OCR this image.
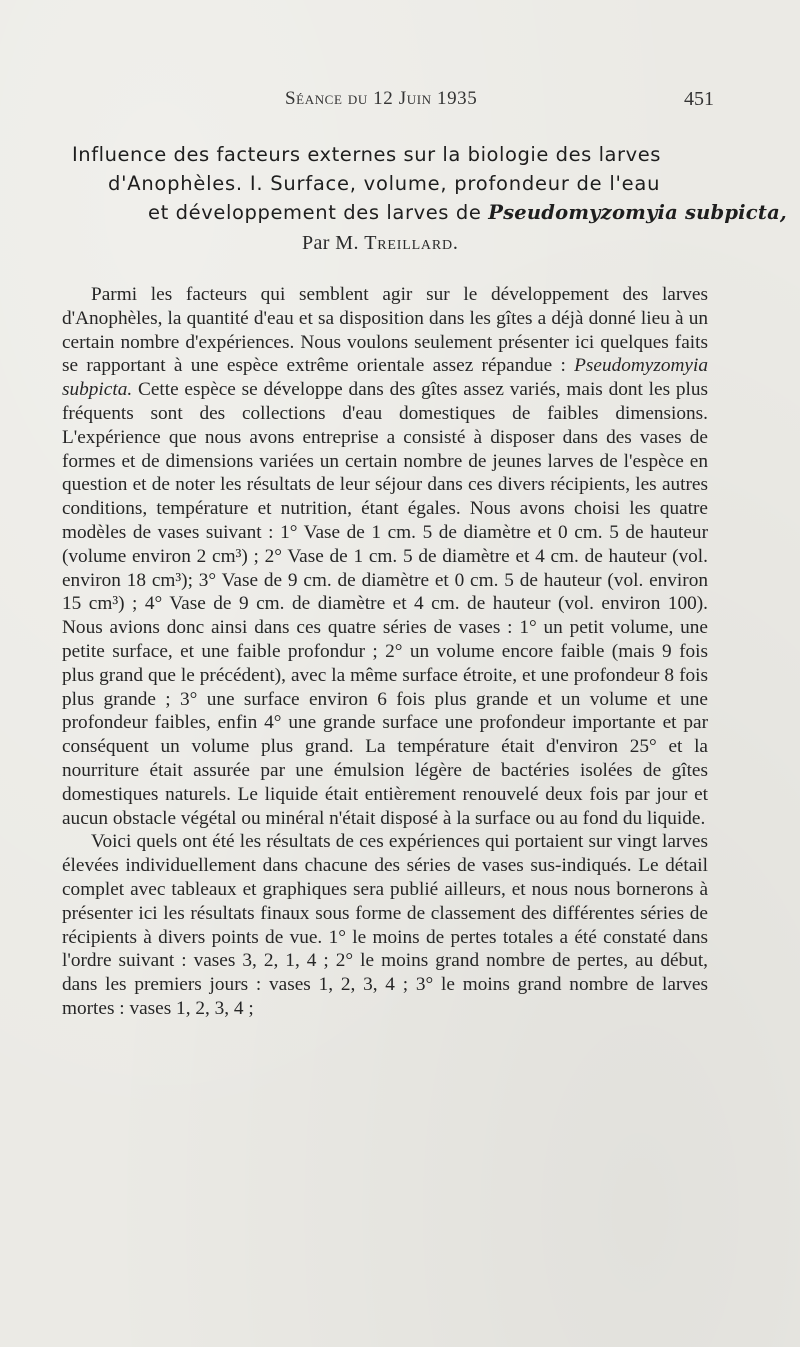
Séance du 12 Juin 1935	451
Influence des facteurs externes sur la biologie des larves
d'Anophèles. I. Surface, volume, profondeur de l'eau
et développement des larves de Pseudomyzomyia subpicta,
Par M. Treillard.

Parmi les facteurs qui semblent agir sur le développement des larves d'Anophèles, la quantité d'eau et sa disposition dans les gîtes a déjà donné lieu à un certain nombre d'expériences. Nous voulons seulement présenter ici quelques faits se rapportant à une espèce extrême orientale assez répandue : Pseudomyzomyia subpicta. Cette espèce se développe dans des gîtes assez variés, mais dont les plus fréquents sont des collections d'eau domestiques de faibles dimensions. L'expérience que nous avons entreprise a consisté à disposer dans des vases de formes et de dimensions variées un certain nombre de jeunes larves de l'espèce en question et de noter les résultats de leur séjour dans ces divers récipients, les autres conditions, température et nutrition, étant égales. Nous avons choisi les quatre modèles de vases suivant : 1° Vase de 1 cm. 5 de diamètre et 0 cm. 5 de hauteur (volume environ 2 cm³) ; 2° Vase de 1 cm. 5 de diamètre et 4 cm. de hauteur (vol. environ 18 cm³); 3° Vase de 9 cm. de diamètre et 0 cm. 5 de hauteur (vol. environ 15 cm³) ; 4° Vase de 9 cm. de diamètre et 4 cm. de hauteur (vol. environ 100). Nous avions donc ainsi dans ces quatre séries de vases : 1° un petit volume, une petite surface, et une faible profondur ; 2° un volume encore faible (mais 9 fois plus grand que le précédent), avec la même surface étroite, et une profondeur 8 fois plus grande ; 3° une surface environ 6 fois plus grande et un volume et une profondeur faibles, enfin 4° une grande surface une profondeur importante et par conséquent un volume plus grand. La température était d'environ 25° et la nourriture était assurée par une émulsion légère de bactéries isolées de gîtes domestiques naturels. Le liquide était entièrement renouvelé deux fois par jour et aucun obstacle végétal ou minéral n'était disposé à la surface ou au fond du liquide.

Voici quels ont été les résultats de ces expériences qui portaient sur vingt larves élevées individuellement dans chacune des séries de vases sus-indiqués. Le détail complet avec tableaux et graphiques sera publié ailleurs, et nous nous bornerons à présenter ici les résultats finaux sous forme de classement des différentes séries de récipients à divers points de vue. 1° le moins de pertes totales a été constaté dans l'ordre suivant : vases 3, 2, 1, 4 ; 2° le moins grand nombre de pertes, au début, dans les premiers jours : vases 1, 2, 3, 4 ; 3° le moins grand nombre de larves mortes : vases 1, 2, 3, 4 ;
